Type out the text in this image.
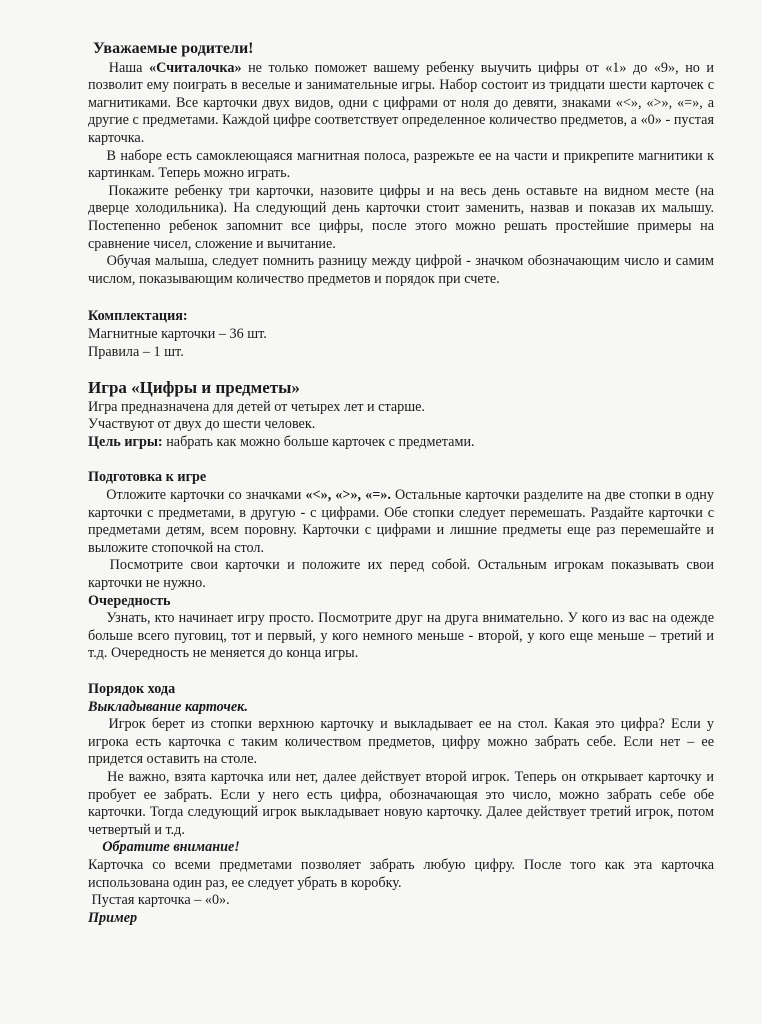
Уважаемые родители!

  Наша «Считалочка» не только поможет вашему ребенку выучить цифры от «1» до «9», но и позволит ему поиграть в веселые и занимательные игры. Набор состоит из тридцати шести карточек с магнитиками. Все карточки двух видов, одни с цифрами от ноля до девяти, знаками «<», «>», «=», а другие с предметами. Каждой цифре соответствует определенное количество предметов, а «0» - пустая карточка.

  В наборе есть самоклеющаяся магнитная полоса, разрежьте ее на части и прикрепите магнитики к картинкам. Теперь можно играть.

  Покажите ребенку три карточки, назовите цифры и на весь день оставьте на видном месте (на дверце холодильника). На следующий день карточки стоит заменить, назвав и показав их малышу. Постепенно ребенок запомнит все цифры, после этого можно решать простейшие примеры на сравнение чисел, сложение и вычитание.

  Обучая малыша, следует помнить разницу между цифрой - значком обозначающим число и самим числом, показывающим количество предметов и порядок при счете.

Комплектация:
Магнитные карточки – 36 шт.
Правила – 1 шт.
Игра «Цифры и предметы»
Игра предназначена для детей от четырех лет и старше.
Участвуют от двух до шести человек.
Цель игры: набрать как можно больше карточек с предметами.
Подготовка к игре

  Отложите карточки со значками «<», «>», «=». Остальные карточки разделите на две стопки в одну карточки с предметами, в другую - с цифрами. Обе стопки следует перемешать. Раздайте карточки с предметами детям, всем поровну. Карточки с цифрами и лишние предметы еще раз перемешайте и выложите стопочкой на стол.

  Посмотрите свои карточки и положите их перед собой. Остальным игрокам показывать свои карточки не нужно.

Очередность

  Узнать, кто начинает игру просто. Посмотрите друг на друга внимательно. У кого из вас на одежде больше всего пуговиц, тот и первый, у кого немного меньше - второй, у кого еще меньше – третий и т.д. Очередность не меняется до конца игры.

Порядок хода
Выкладывание карточек.

  Игрок берет из стопки верхнюю карточку и выкладывает ее на стол. Какая это цифра? Если у игрока есть карточка с таким количеством предметов, цифру можно забрать себе. Если нет – ее придется оставить на столе.

  Не важно, взята карточка или нет, далее действует второй игрок. Теперь он открывает карточку и пробует ее забрать. Если у него есть цифра, обозначающая это число, можно забрать себе обе карточки. Тогда следующий игрок выкладывает новую карточку. Далее действует третий игрок, потом четвертый и т.д.

 Обратите внимание!

Карточка со всеми предметами позволяет забрать любую цифру. После того как эта карточка использована один раз, ее следует убрать в коробку.

Пустая карточка – «0».
Пример
